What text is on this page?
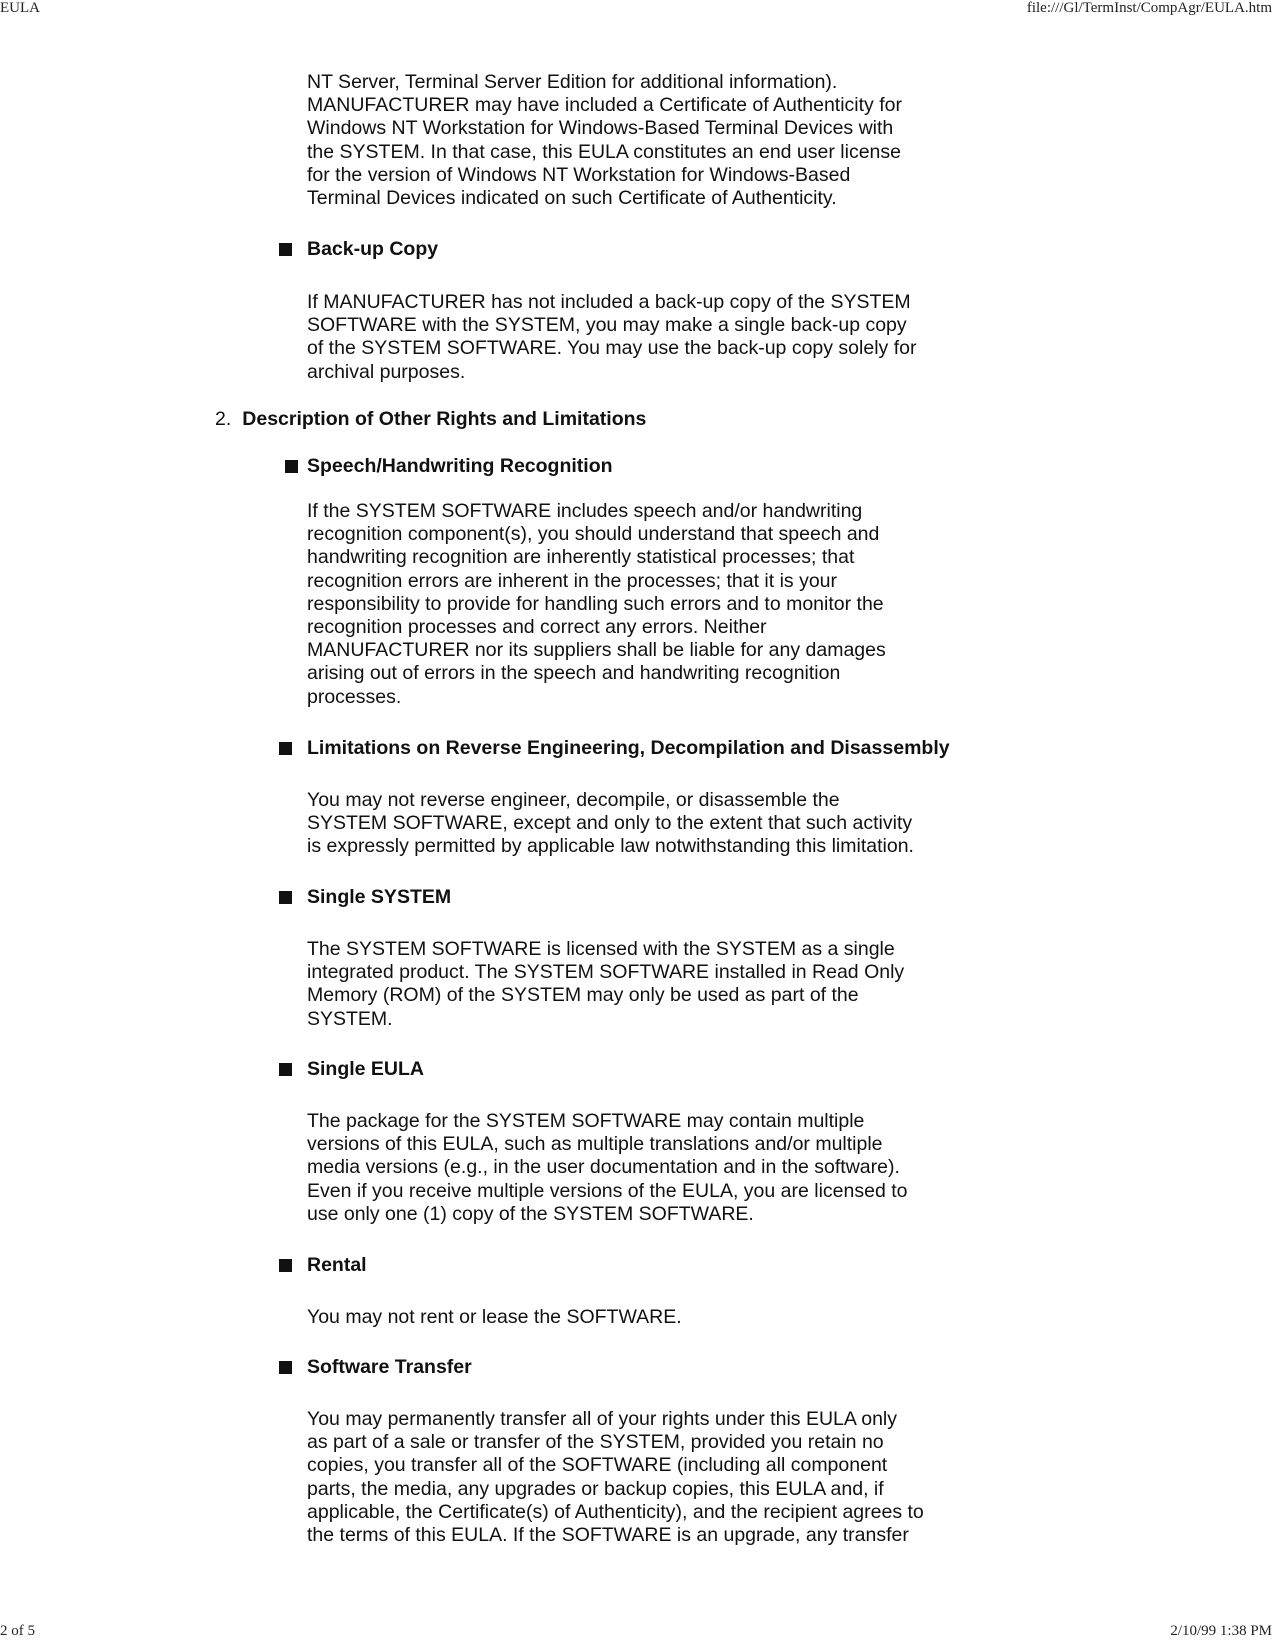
EULA	file:///Gl/TermInst/CompAgr/EULA.htm

NT Server, Terminal Server Edition for additional information).
MANUFACTURER may have included a Certificate of Authenticity for
Windows NT Workstation for Windows-Based Terminal Devices with
the SYSTEM. In that case, this EULA constitutes an end user license
for the version of Windows NT Workstation for Windows-Based
Terminal Devices indicated on such Certificate of Authenticity.

Back-up Copy

If MANUFACTURER has not included a back-up copy of the SYSTEM
SOFTWARE with the SYSTEM, you may make a single back-up copy
of the SYSTEM SOFTWARE. You may use the back-up copy solely for
archival purposes.

2. Description of Other Rights and Limitations
Speech/Handwriting Recognition

If the SYSTEM SOFTWARE includes speech and/or handwriting
recognition component(s), you should understand that speech and
handwriting recognition are inherently statistical processes; that
recognition errors are inherent in the processes; that it is your
responsibility to provide for handling such errors and to monitor the
recognition processes and correct any errors. Neither
MANUFACTURER nor its suppliers shall be liable for any damages
arising out of errors in the speech and handwriting recognition
processes.

Limitations on Reverse Engineering, Decompilation and Disassembly

You may not reverse engineer, decompile, or disassemble the
SYSTEM SOFTWARE, except and only to the extent that such activity
is expressly permitted by applicable law notwithstanding this limitation.

Single SYSTEM

The SYSTEM SOFTWARE is licensed with the SYSTEM as a single
integrated product. The SYSTEM SOFTWARE installed in Read Only
Memory (ROM) of the SYSTEM may only be used as part of the
SYSTEM.

Single EULA

The package for the SYSTEM SOFTWARE may contain multiple
versions of this EULA, such as multiple translations and/or multiple
media versions (e.g., in the user documentation and in the software).
Even if you receive multiple versions of the EULA, you are licensed to
use only one (1) copy of the SYSTEM SOFTWARE.

Rental

You may not rent or lease the SOFTWARE.

Software Transfer

You may permanently transfer all of your rights under this EULA only
as part of a sale or transfer of the SYSTEM, provided you retain no
copies, you transfer all of the SOFTWARE (including all component
parts, the media, any upgrades or backup copies, this EULA and, if
applicable, the Certificate(s) of Authenticity), and the recipient agrees to
the terms of this EULA. If the SOFTWARE is an upgrade, any transfer

2 of 5	2/10/99 1:38 PM
